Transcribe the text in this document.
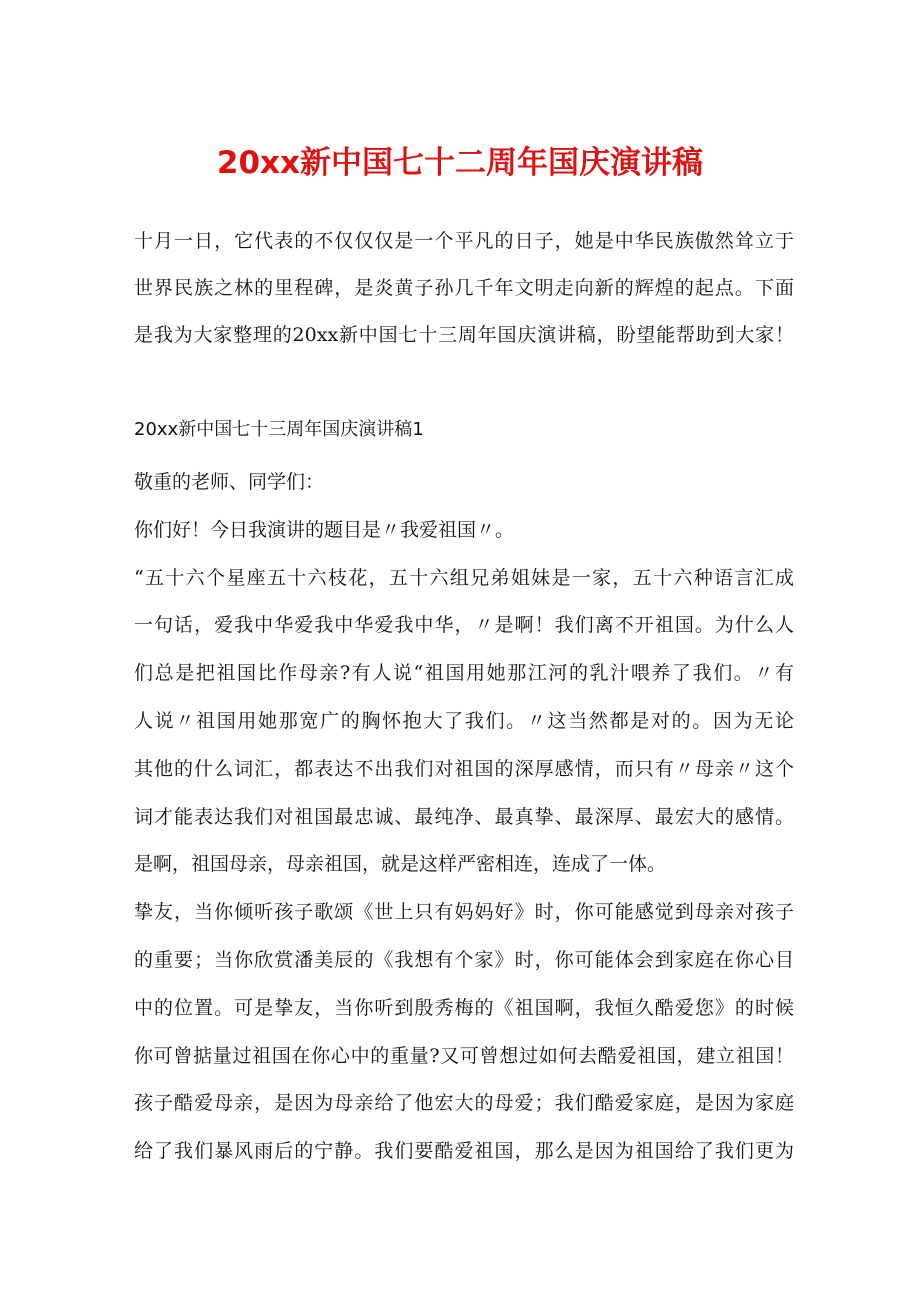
20xx新中国七十二周年国庆演讲稿
十月一日，它代表的不仅仅仅是一个平凡的日子，她是中华民族傲然耸立于
世界民族之林的里程碑，是炎黄子孙几千年文明走向新的辉煌的起点。下面
是我为大家整理的20xx新中国七十三周年国庆演讲稿，盼望能帮助到大家！
20xx新中国七十三周年国庆演讲稿1
敬重的老师、同学们：
你们好！今日我演讲的题目是〃我爱祖国〃。
“五十六个星座五十六枝花，五十六组兄弟姐妹是一家，五十六种语言汇成
一句话，爱我中华爱我中华爱我中华，〃是啊！我们离不开祖国。为什么人
们总是把祖国比作母亲?有人说“祖国用她那江河的乳汁喂养了我们。〃有
人说〃祖国用她那宽广的胸怀抱大了我们。〃这当然都是对的。因为无论
其他的什么词汇，都表达不出我们对祖国的深厚感情，而只有〃母亲〃这个
词才能表达我们对祖国最忠诚、最纯净、最真挚、最深厚、最宏大的感情。
是啊，祖国母亲，母亲祖国，就是这样严密相连，连成了一体。
挚友，当你倾听孩子歌颂《世上只有妈妈好》时，你可能感觉到母亲对孩子
的重要；当你欣赏潘美辰的《我想有个家》时，你可能体会到家庭在你心目
中的位置。可是挚友，当你听到殷秀梅的《祖国啊，我恒久酷爱您》的时候
你可曾掂量过祖国在你心中的重量?又可曾想过如何去酷爱祖国，建立祖国！
孩子酷爱母亲，是因为母亲给了他宏大的母爱；我们酷爱家庭，是因为家庭
给了我们暴风雨后的宁静。我们要酷爱祖国，那么是因为祖国给了我们更为
